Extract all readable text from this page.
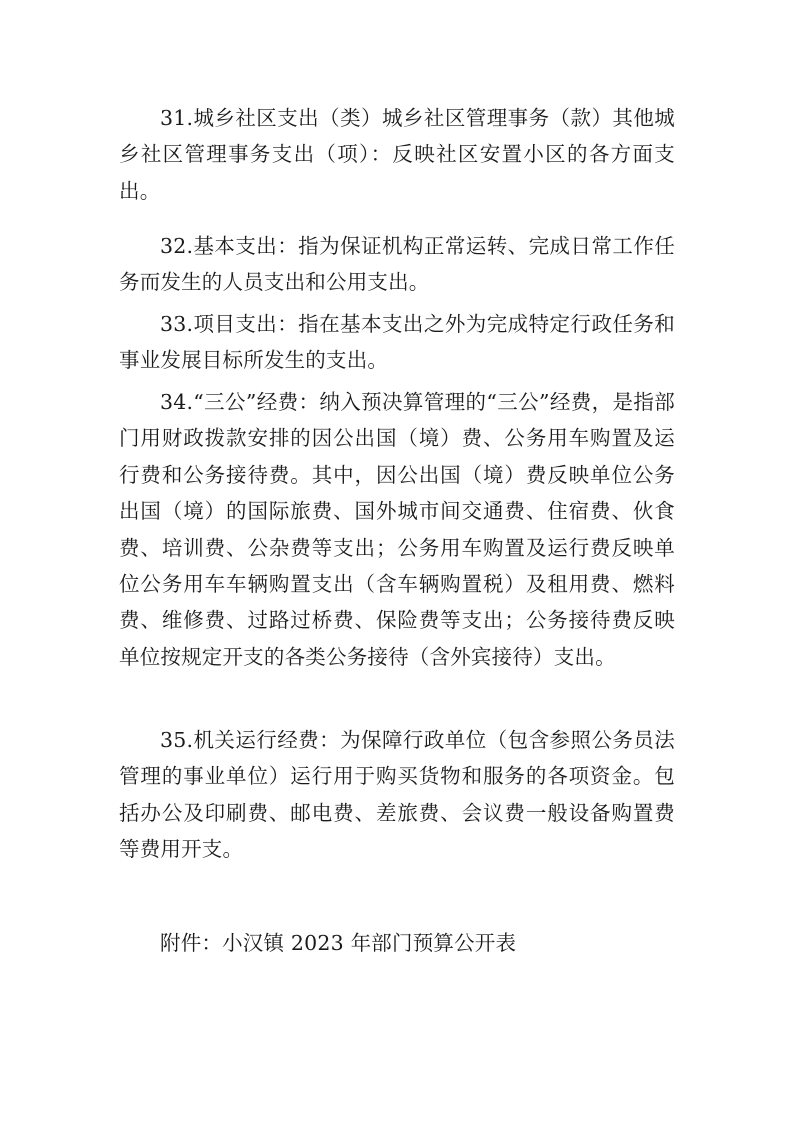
31.城乡社区支出（类）城乡社区管理事务（款）其他城乡社区管理事务支出（项）：反映社区安置小区的各方面支出。

32.基本支出：指为保证机构正常运转、完成日常工作任务而发生的人员支出和公用支出。

33.项目支出：指在基本支出之外为完成特定行政任务和事业发展目标所发生的支出。

34.“三公”经费：纳入预决算管理的“三公”经费，是指部门用财政拨款安排的因公出国（境）费、公务用车购置及运行费和公务接待费。其中，因公出国（境）费反映单位公务出国（境）的国际旅费、国外城市间交通费、住宿费、伙食费、培训费、公杂费等支出；公务用车购置及运行费反映单位公务用车车辆购置支出（含车辆购置税）及租用费、燃料费、维修费、过路过桥费、保险费等支出；公务接待费反映单位按规定开支的各类公务接待（含外宾接待）支出。

35.机关运行经费：为保障行政单位（包含参照公务员法管理的事业单位）运行用于购买货物和服务的各项资金。包括办公及印刷费、邮电费、差旅费、会议费一般设备购置费等费用开支。

附件：小汉镇 2023 年部门预算公开表
